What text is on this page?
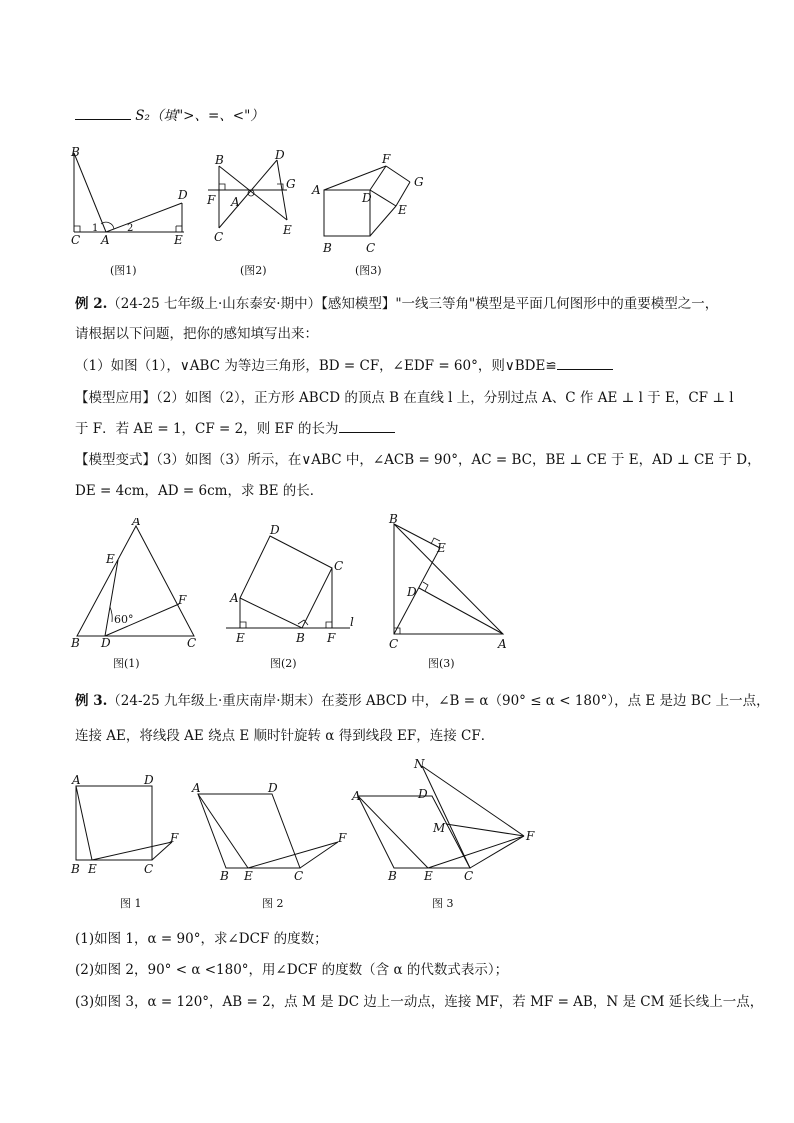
S₂（填">、=、<"）
B
C A
D
E
1	2
(图1)
B	D
F A
G
C	E
(图2)
F
G
A
D
E
B	C
(图3)
例 2.（24-25 七年级上·山东泰安·期中）【感知模型】"一线三等角"模型是平面几何图形中的重要模型之一，
请根据以下问题，把你的感知填写出来：
（1）如图（1），∨ABC 为等边三角形，BD = CF，∠EDF = 60°，则∨BDE≌
【模型应用】（2）如图（2），正方形 ABCD 的顶点 B 在直线 l 上，分别过点 A、C 作 AE ⊥ l 于 E，CF ⊥ l
于 F．若 AE = 1，CF = 2，则 EF 的长为
【模型变式】（3）如图（3）所示，在∨ABC 中，∠ACB = 90°，AC = BC，BE ⊥ CE 于 E，AD ⊥ CE 于 D，
DE = 4cm，AD = 6cm，求 BE 的长．
A
E
F
B D	C
60°
图(1)
D
C
A
E	B F
l
图(2)
B
E
D
C	A
图(3)
例 3.（24-25 九年级上·重庆南岸·期末）在菱形 ABCD 中，∠B = α（90° ≤ α < 180°），点 E 是边 BC 上一点，
连接 AE，将线段 AE 绕点 E 顺时针旋转 α 得到线段 EF，连接 CF．
A	D
F
B E	C
图 1
A	D
F
B E	C
图 2
N
A	D
M
F
B E	C
图 3
(1)如图 1，α = 90°，求∠DCF 的度数；
(2)如图 2，90° < α <180°，用∠DCF 的度数（含 α 的代数式表示）；
(3)如图 3，α = 120°，AB = 2，点 M 是 DC 边上一动点，连接 MF，若 MF = AB，N 是 CM 延长线上一点，
